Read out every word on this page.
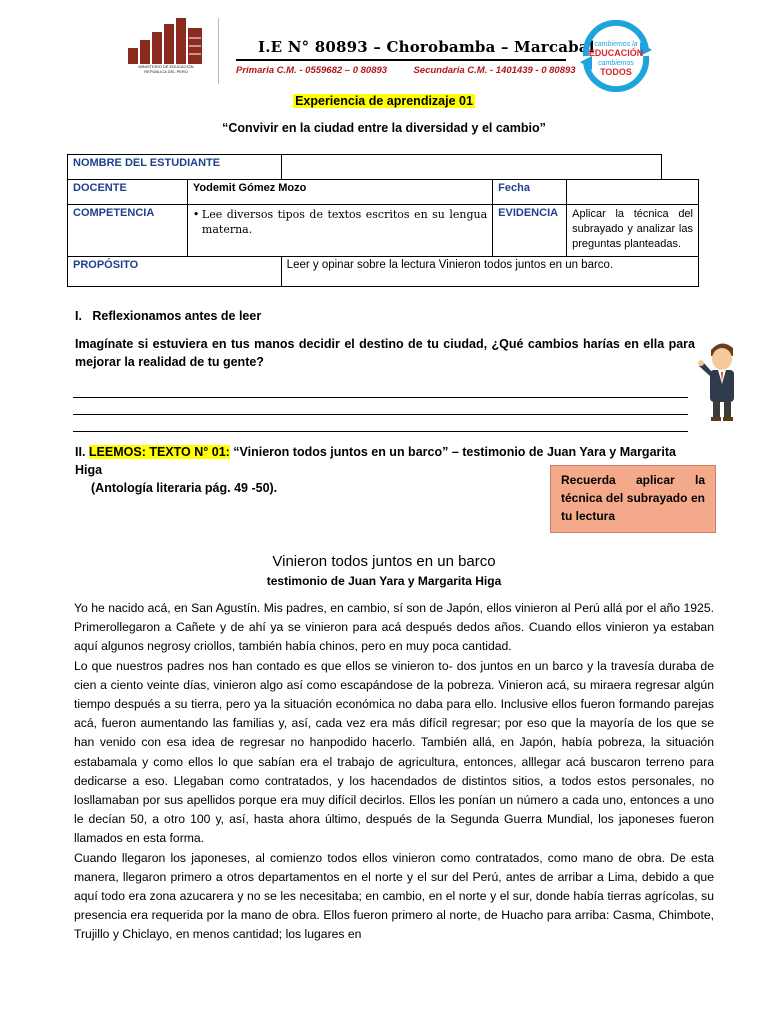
MINISTERIO DE EDUCACIÓN
REPÚBLICA DEL PERÚ
I.E N° 80893 – Chorobamba – Marcabal
Primaria C.M. - 0559682 – 0 80893	Secundaria C.M. - 1401439 - 0 80893
cambiemos la
EDUCACIÓN
cambiemos
TODOS
Experiencia de aprendizaje 01
“Convivir en la ciudad entre la diversidad y el cambio”
NOMBRE DEL ESTUDIANTE			
DOCENTE	Yodemit Gómez Mozo		Fecha	
COMPETENCIA	• Lee diversos tipos de textos escritos en su lengua materna.		EVIDENCIA	Aplicar la técnica del subrayado y analizar las preguntas planteadas.
PROPÓSITO		Leer y opinar sobre la lectura Vinieron todos juntos en un barco.		
I. Reflexionamos antes de leer
Imagínate si estuviera en tus manos decidir el destino de tu ciudad, ¿Qué cambios harías en ella para mejorar la realidad de tu gente?
II. LEEMOS: TEXTO N° 01: “Vinieron todos juntos en un barco” – testimonio de Juan Yara y Margarita Higa
(Antología literaria pág. 49 -50).
Recuerda aplicar la técnica del subrayado en tu lectura
Vinieron todos juntos en un barco
testimonio de Juan Yara y Margarita Higa

Yo he nacido acá, en San Agustín. Mis padres, en cambio, sí son de Japón, ellos vinieron al Perú allá por el año 1925. Primerollegaron a Cañete y de ahí ya se vinieron para acá después dedos años. Cuando ellos vinieron ya estaban aquí algunos negrosy criollos, también había chinos, pero en muy poca cantidad.

Lo que nuestros padres nos han contado es que ellos se vinieron to- dos juntos en un barco y la travesía duraba de cien a ciento veinte días, vinieron algo así como escapándose de la pobreza. Vinieron acá, su miraera regresar algún tiempo después a su tierra, pero ya la situación económica no daba para ello. Inclusive ellos fueron formando parejas acá, fueron aumentando las familias y, así, cada vez era más difícil regresar; por eso que la mayoría de los que se han venido con esa idea de regresar no hanpodido hacerlo. También allá, en Japón, había pobreza, la situación estabamala y como ellos lo que sabían era el trabajo de agricultura, entonces, alllegar acá buscaron terreno para dedicarse a eso. Llegaban como contratados, y los hacendados de distintos sitios, a todos estos personales, no losllamaban por sus apellidos porque era muy difícil decirlos. Ellos les ponían un número a cada uno, entonces a uno le decían 50, a otro 100 y, así, hasta ahora último, después de la Segunda Guerra Mundial, los japoneses fueron llamados en esta forma.

Cuando llegaron los japoneses, al comienzo todos ellos vinieron como contratados, como mano de obra. De esta manera, llegaron primero a otros departamentos en el norte y el sur del Perú, antes de arribar a Lima, debido a que aquí todo era zona azucarera y no se les necesitaba; en cambio, en el norte y el sur, donde había tierras agrícolas, su presencia era requerida por la mano de obra. Ellos fueron primero al norte, de Huacho para arriba: Casma, Chimbote, Trujillo y Chiclayo, en menos cantidad; los lugares en
